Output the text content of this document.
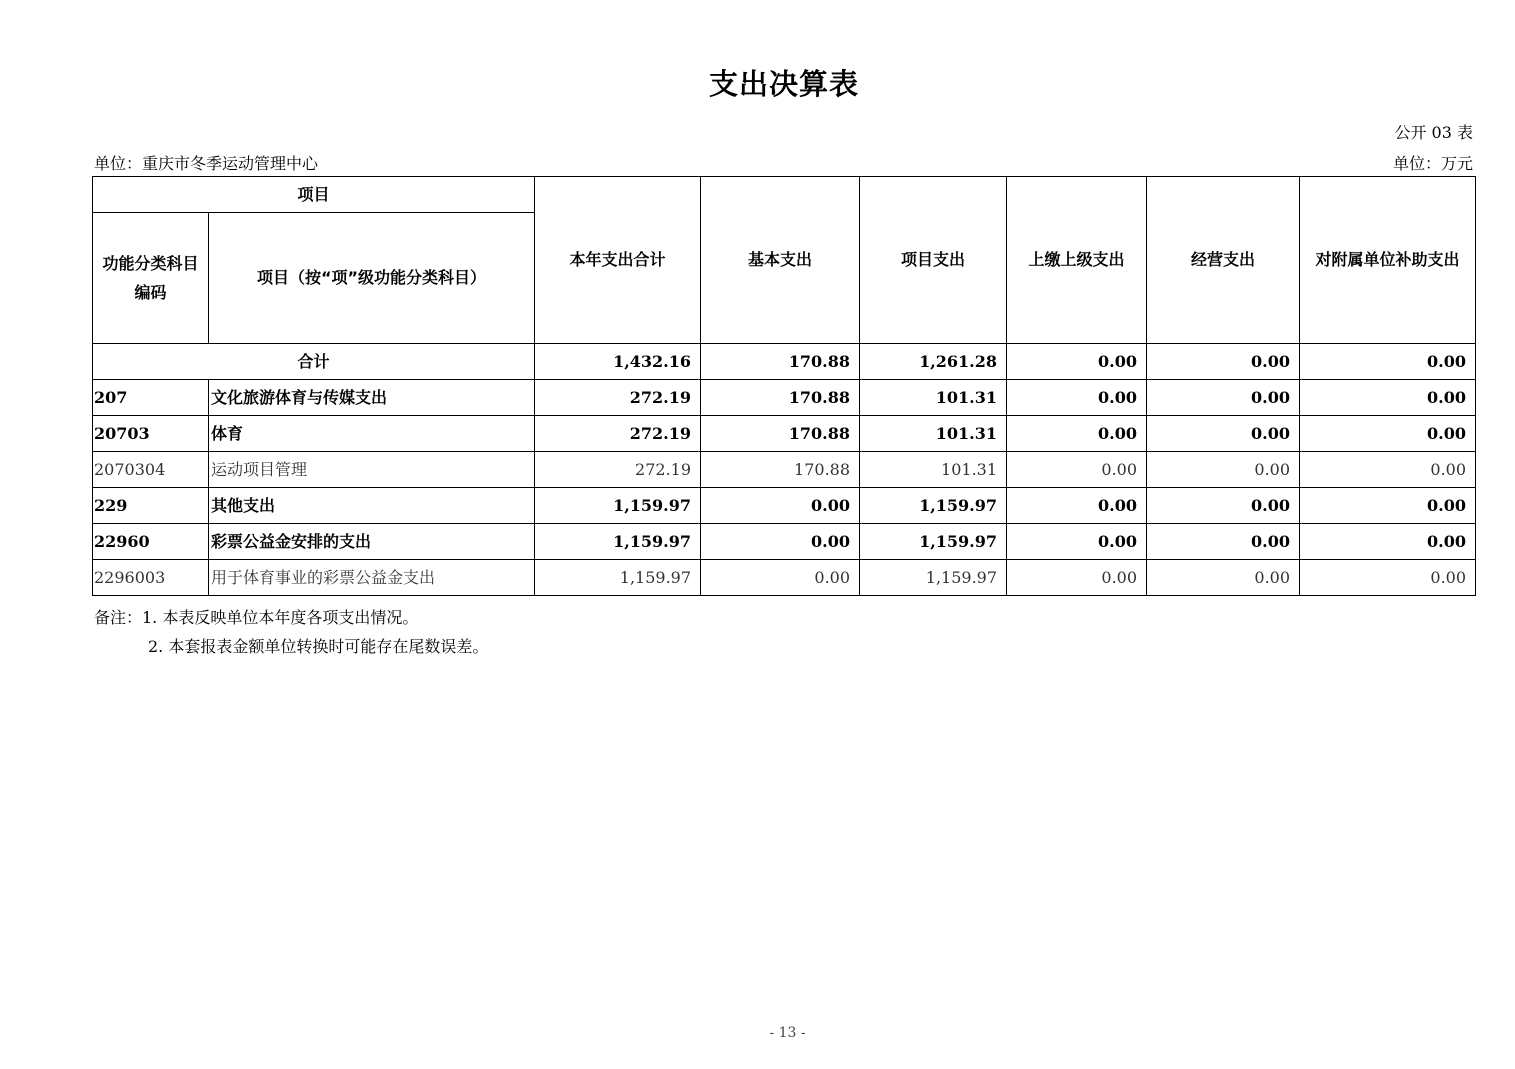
支出决算表
公开 03 表
单位：重庆市冬季运动管理中心	单位：万元
项目		本年支出合计	基本支出	项目支出	上缴上级支出	经营支出	对附属单位补助支出
功能分类科目编码	项目（按“项”级功能分类科目）						
合计		1,432.16	170.88	1,261.28	0.00	0.00	0.00
207	文化旅游体育与传媒支出	272.19	170.88	101.31	0.00	0.00	0.00
20703	体育	272.19	170.88	101.31	0.00	0.00	0.00
2070304	运动项目管理	272.19	170.88	101.31	0.00	0.00	0.00
229	其他支出	1,159.97	0.00	1,159.97	0.00	0.00	0.00
22960	彩票公益金安排的支出	1,159.97	0.00	1,159.97	0.00	0.00	0.00
2296003	用于体育事业的彩票公益金支出	1,159.97	0.00	1,159.97	0.00	0.00	0.00
备注：1. 本表反映单位本年度各项支出情况。
2. 本套报表金额单位转换时可能存在尾数误差。
- 13 -
